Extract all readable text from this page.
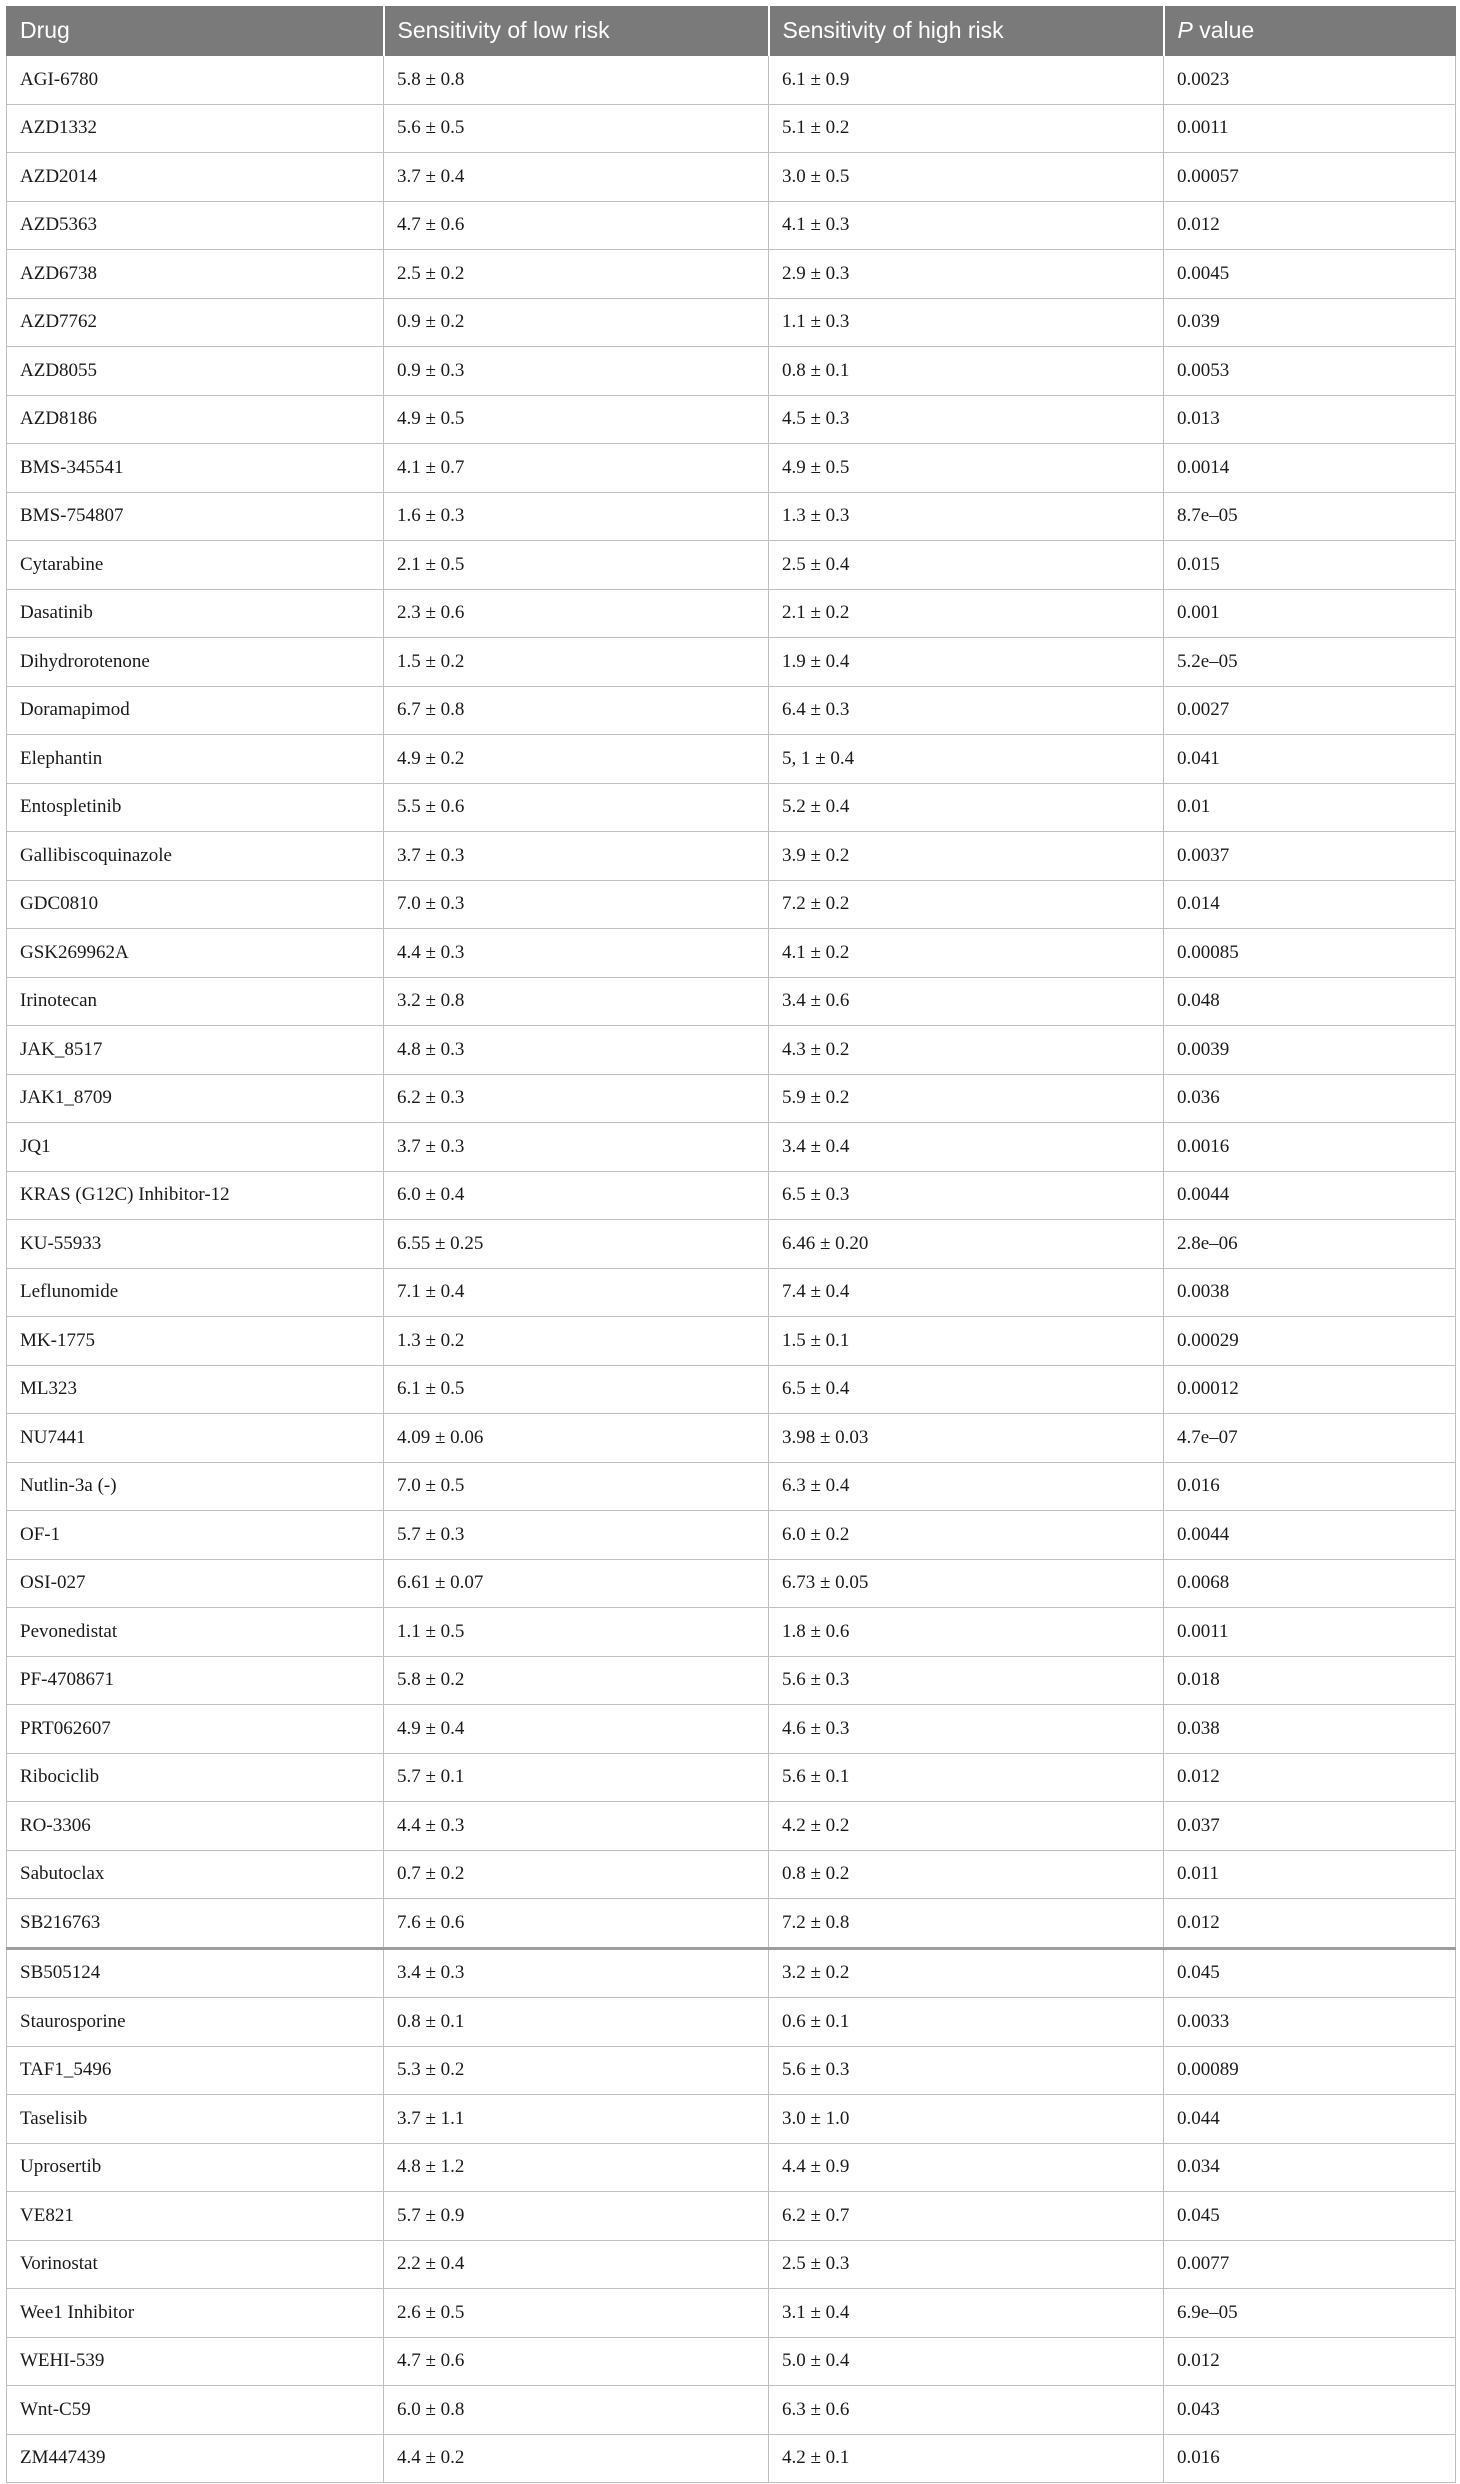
Drug	Sensitivity of low risk	Sensitivity of high risk	P value
AGI-6780	5.8 ± 0.8	6.1 ± 0.9	0.0023
AZD1332	5.6 ± 0.5	5.1 ± 0.2	0.0011
AZD2014	3.7 ± 0.4	3.0 ± 0.5	0.00057
AZD5363	4.7 ± 0.6	4.1 ± 0.3	0.012
AZD6738	2.5 ± 0.2	2.9 ± 0.3	0.0045
AZD7762	0.9 ± 0.2	1.1 ± 0.3	0.039
AZD8055	0.9 ± 0.3	0.8 ± 0.1	0.0053
AZD8186	4.9 ± 0.5	4.5 ± 0.3	0.013
BMS-345541	4.1 ± 0.7	4.9 ± 0.5	0.0014
BMS-754807	1.6 ± 0.3	1.3 ± 0.3	8.7e–05
Cytarabine	2.1 ± 0.5	2.5 ± 0.4	0.015
Dasatinib	2.3 ± 0.6	2.1 ± 0.2	0.001
Dihydrorotenone	1.5 ± 0.2	1.9 ± 0.4	5.2e–05
Doramapimod	6.7 ± 0.8	6.4 ± 0.3	0.0027
Elephantin	4.9 ± 0.2	5, 1 ± 0.4	0.041
Entospletinib	5.5 ± 0.6	5.2 ± 0.4	0.01
Gallibiscoquinazole	3.7 ± 0.3	3.9 ± 0.2	0.0037
GDC0810	7.0 ± 0.3	7.2 ± 0.2	0.014
GSK269962A	4.4 ± 0.3	4.1 ± 0.2	0.00085
Irinotecan	3.2 ± 0.8	3.4 ± 0.6	0.048
JAK_8517	4.8 ± 0.3	4.3 ± 0.2	0.0039
JAK1_8709	6.2 ± 0.3	5.9 ± 0.2	0.036
JQ1	3.7 ± 0.3	3.4 ± 0.4	0.0016
KRAS (G12C) Inhibitor-12	6.0 ± 0.4	6.5 ± 0.3	0.0044
KU-55933	6.55 ± 0.25	6.46 ± 0.20	2.8e–06
Leflunomide	7.1 ± 0.4	7.4 ± 0.4	0.0038
MK-1775	1.3 ± 0.2	1.5 ± 0.1	0.00029
ML323	6.1 ± 0.5	6.5 ± 0.4	0.00012
NU7441	4.09 ± 0.06	3.98 ± 0.03	4.7e–07
Nutlin-3a (-)	7.0 ± 0.5	6.3 ± 0.4	0.016
OF-1	5.7 ± 0.3	6.0 ± 0.2	0.0044
OSI-027	6.61 ± 0.07	6.73 ± 0.05	0.0068
Pevonedistat	1.1 ± 0.5	1.8 ± 0.6	0.0011
PF-4708671	5.8 ± 0.2	5.6 ± 0.3	0.018
PRT062607	4.9 ± 0.4	4.6 ± 0.3	0.038
Ribociclib	5.7 ± 0.1	5.6 ± 0.1	0.012
RO-3306	4.4 ± 0.3	4.2 ± 0.2	0.037
Sabutoclax	0.7 ± 0.2	0.8 ± 0.2	0.011
SB216763	7.6 ± 0.6	7.2 ± 0.8	0.012
SB505124	3.4 ± 0.3	3.2 ± 0.2	0.045
Staurosporine	0.8 ± 0.1	0.6 ± 0.1	0.0033
TAF1_5496	5.3 ± 0.2	5.6 ± 0.3	0.00089
Taselisib	3.7 ± 1.1	3.0 ± 1.0	0.044
Uprosertib	4.8 ± 1.2	4.4 ± 0.9	0.034
VE821	5.7 ± 0.9	6.2 ± 0.7	0.045
Vorinostat	2.2 ± 0.4	2.5 ± 0.3	0.0077
Wee1 Inhibitor	2.6 ± 0.5	3.1 ± 0.4	6.9e–05
WEHI-539	4.7 ± 0.6	5.0 ± 0.4	0.012
Wnt-C59	6.0 ± 0.8	6.3 ± 0.6	0.043
ZM447439	4.4 ± 0.2	4.2 ± 0.1	0.016
